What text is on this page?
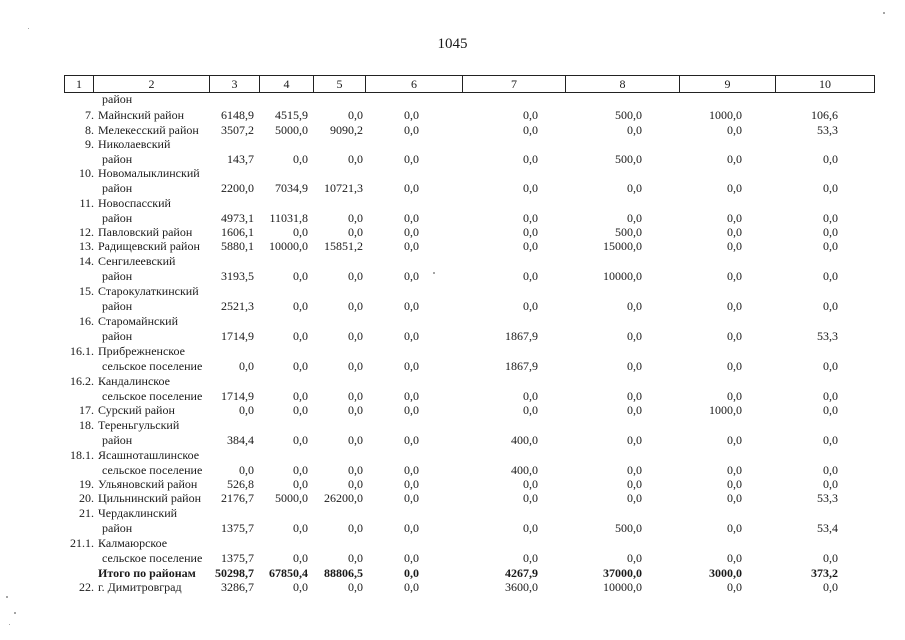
1045
1	2	3	4	5	6	7	8	9	10
район
7. Майнский район	6148,9	4515,9	0,0	0,0	0,0	500,0	1000,0	106,6
8. Мелекесский район	3507,2	5000,0	9090,2	0,0	0,0	0,0	0,0	53,3
9. Николаевский
район	143,7	0,0	0,0	0,0	0,0	500,0	0,0	0,0
10. Новомалыклинский
район	2200,0	7034,9	10721,3	0,0	0,0	0,0	0,0	0,0
11. Новоспасский
район	4973,1	11031,8	0,0	0,0	0,0	0,0	0,0	0,0
12. Павловский район	1606,1	0,0	0,0	0,0	0,0	500,0	0,0	0,0
13. Радищевский район	5880,1	10000,0	15851,2	0,0	0,0	15000,0	0,0	0,0
14. Сенгилеевский
район	3193,5	0,0	0,0	0,0	0,0	10000,0	0,0	0,0
15. Старокулаткинский
район	2521,3	0,0	0,0	0,0	0,0	0,0	0,0	0,0
16. Старомайнский
район	1714,9	0,0	0,0	0,0	1867,9	0,0	0,0	53,3
16.1. Прибрежненское
сельское поселение	0,0	0,0	0,0	0,0	1867,9	0,0	0,0	0,0
16.2. Кандалинское
сельское поселение	1714,9	0,0	0,0	0,0	0,0	0,0	0,0	0,0
17. Сурский район	0,0	0,0	0,0	0,0	0,0	0,0	1000,0	0,0
18. Тереньгульский
район	384,4	0,0	0,0	0,0	400,0	0,0	0,0	0,0
18.1. Ясашноташлинское
сельское поселение	0,0	0,0	0,0	0,0	400,0	0,0	0,0	0,0
19. Ульяновский район	526,8	0,0	0,0	0,0	0,0	0,0	0,0	0,0
20. Цильнинский район	2176,7	5000,0	26200,0	0,0	0,0	0,0	0,0	53,3
21. Чердаклинский
район	1375,7	0,0	0,0	0,0	0,0	500,0	0,0	53,4
21.1. Калмаюрское
сельское поселение	1375,7	0,0	0,0	0,0	0,0	0,0	0,0	0,0
Итого по районам	50298,7	67850,4	88806,5	0,0	4267,9	37000,0	3000,0	373,2
22. г. Димитровград	3286,7	0,0	0,0	0,0	3600,0	10000,0	0,0	0,0
